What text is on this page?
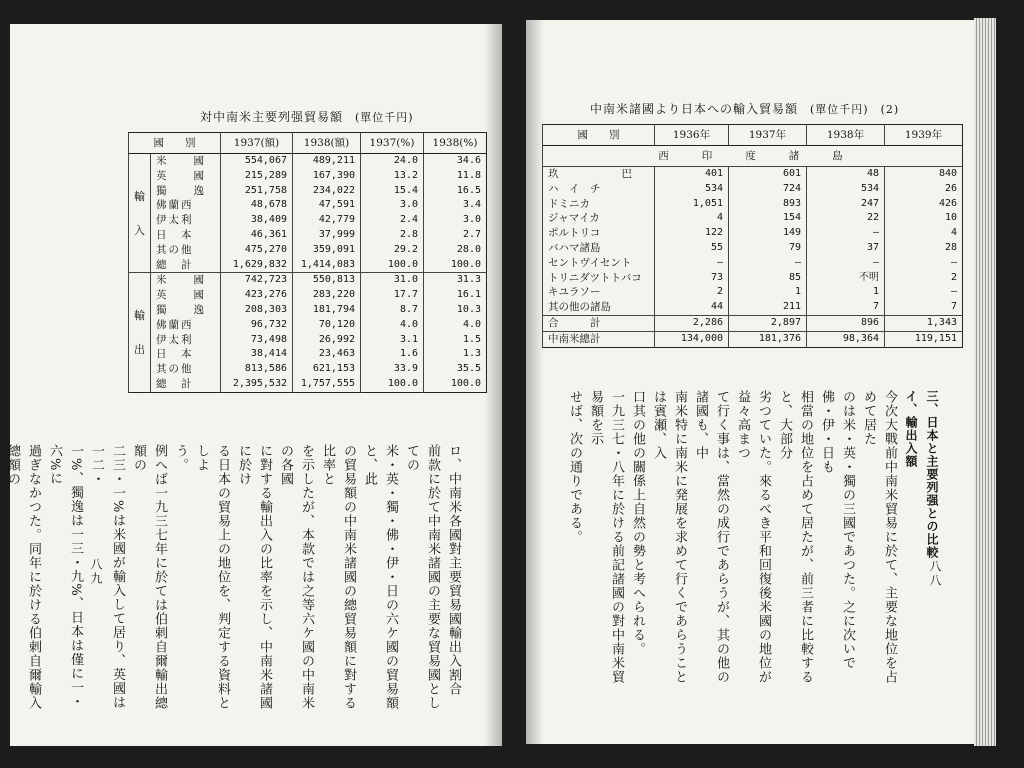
対中南米主要列强貿易額 (單位千円)
國　　別		1937(額)	1938(額)	1937(%)	1938(%)
輸

入	米　　國	554,067	489,211	24.0	34.6
	英　　國	215,289	167,390	13.2	11.8
	獨　　逸	251,758	234,022	15.4	16.5
	佛蘭西	48,678	47,591	3.0	3.4
	伊太利	38,409	42,779	2.4	3.0
	日　本	46,361	37,999	2.8	2.7
	其の他	475,270	359,091	29.2	28.0
	總　計	1,629,832	1,414,083	100.0	100.0
輸

出	米　　國	742,723	550,813	31.0	31.3
	英　　國	423,276	283,220	17.7	16.1
	獨　　逸	208,303	181,794	8.7	10.3
	佛蘭西	96,732	70,120	4.0	4.0
	伊太利	73,498	26,992	3.1	1.5
	日　本	38,414	23,463	1.6	1.3
	其の他	813,586	621,153	33.9	35.5
	總　計	2,395,532	1,757,555	100.0	100.0

ロ、中南米各國對主要貿易國輸出入割合

前款に於て中南米諸國の主要な貿易國としての

米・英・獨・佛・伊・日の六ケ國の貿易額と、此

の貿易額の中南米諸國の總貿易額に對する比率と

を示したが、本款では之等六ケ國の中南米の各國

に對する輸出入の比率を示し、中南米諸國に於け

る日本の貿易上の地位を、判定する資料としよ

う。

例へば一九三七年に於ては伯剌自爾輸出總額の

二三・一%は米國が輸入して居り、英國は一二・

一%、獨逸は一三・九%、日本は僅に一・六%に

過ぎなかつた。同年に於ける伯剌自爾輸入總額の

八九
中南米諸國より日本への輸入貿易額 (單位千円)　(2)
國　　別	1936年	1937年	1938年	1939年
西　　印　　度　　諸　　島				
玖　　　　　　巴	401	601	48	840
ハ　イ　チ	534	724	534	26
ドミニカ	1,051	893	247	426
ジャマイカ	4	154	22	10
ポルトリコ	122	149	—	4
バハマ諸島	55	79	37	28
セントヴイセント	—	—	—	—
トリニダツトトバコ	73	85	不明	2
キユラソー	2	1	1	—
其の他の諸島	44	211	7	7
合　　　計	2,286	2,897	896	1,343
中南米總計	134,000	181,376	98,364	119,151

三、日本と主要列强との比較

イ、輸出入額

今次大戰前中南米貿易に於て、主要な地位を占めて居た

のは米・英・獨の三國であつた。之に次いで佛・伊・日も

相當の地位を占めて居たが、前三者に比較すると、大部分

劣つていた。來るべき平和回復後米國の地位が益々高まつ

て行く事は、當然の成行であらうが、其の他の諸國も、中

南米特に南米に発展を求めて行くであらうことは賓瀬、入

口其の他の關係上自然の勢と考へられる。

一九三七・八年に於ける前記諸國の對中南米貿易額を示

せば、次の通りである。

八八
